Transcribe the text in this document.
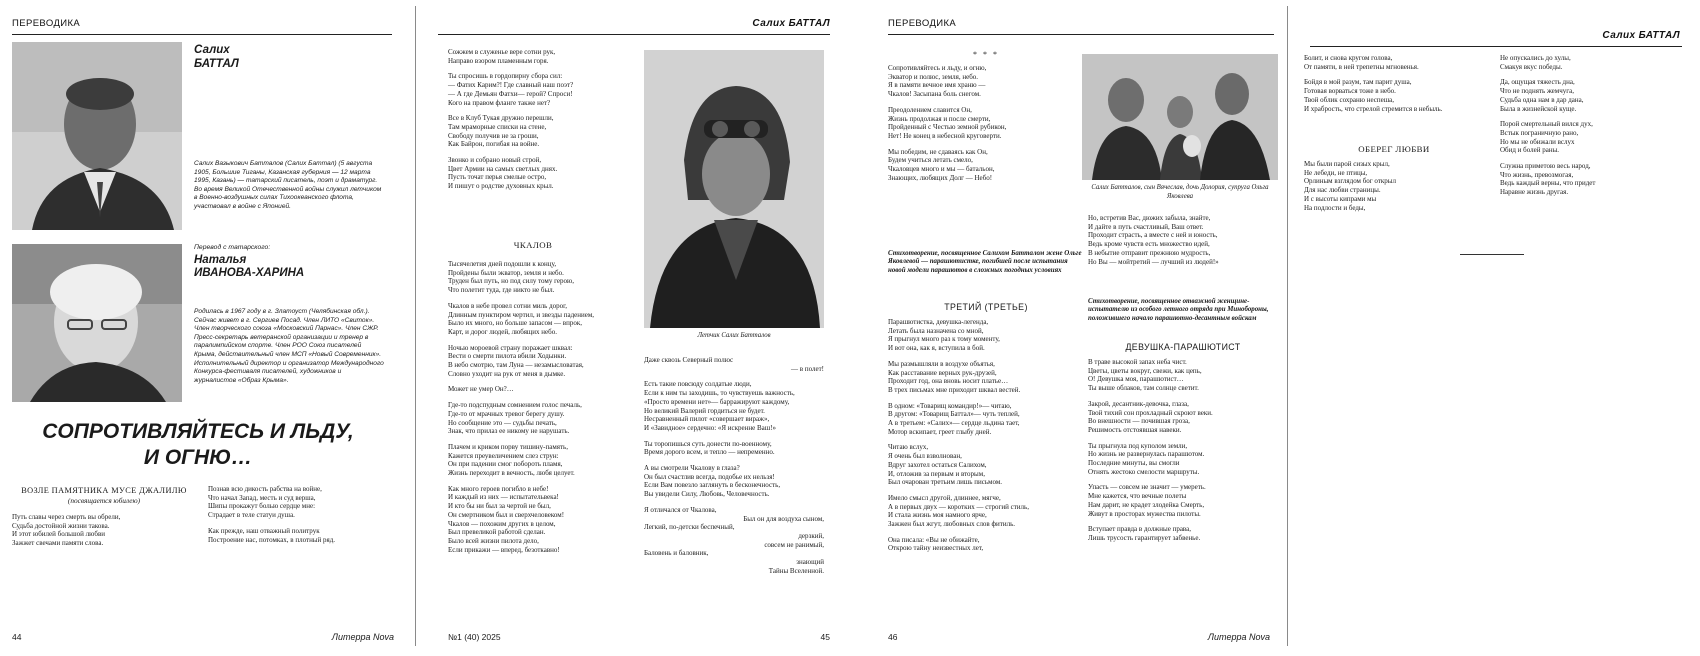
ПЕРЕВОДИКА
Салих
БАТТАЛ
Салих Вазыкович Батталов (Салих Баттал) (5 августа 1905, Большие Тиганы, Казанская губерния — 12 марта 1995, Казань) — татарский писатель, поэт и драматург. Во время Великой Отечественной войны служил летчиком в Военно-воздушных силах Тихоокеанского флота, участвовал в войне с Японией.
Перевод с татарского:
Наталья
ИВАНОВА-ХАРИНА
Родилась в 1967 году в г. Златоуст (Челябинская обл.). Сейчас живет в г. Сергиев Посад. Член ЛИТО «Свиток». Член творческого союза «Московский Парнас». Член СЖР. Пресс-секретарь ветеранской организации и тренер в паралимпийском спорте. Член РОО Союз писателей Крыма, действительный член МСП «Новый Современник». Исполнительный директор и организатор Международного Конкурса-фестиваля писателей, художников и журналистов «Образ Крыма».
СОПРОТИВЛЯЙТЕСЬ И ЛЬДУ,
И ОГНЮ…
ВОЗЛЕ ПАМЯТНИКА МУСЕ ДЖАЛИЛЮ
(посвящается юбилею)
Путь славы через смерть вы обрели,
Судьба достойной жизни такова.
И этот юбилей большой любви
Зажжет свечами памяти слова.
Познав всю дикость рабства на войне,
Что начал Запад, месть и суд верша,
Шипы прокажут болью сердце мне:
Страдает в теле статуи душа.
Как прежде, наш отважный политрук
Построение нас, потомках, в плотный ряд.
44	Литерра Nova
Салих БАТТАЛ
Сожжем в служенье вере сотни рук,
Направо взором пламенным горя.
Ты спросишь в гордопирну сбора сил:
— Фатих Карим?! Где славный наш поэт?
— А где Демьян Фатхи— герой? Спроси!
Кого на правом фланге также нет?
Все в Клуб Тукая дружно перешли,
Там мраморные списки на стене,
Свободу получив не за гроши,
Как Байрон, погибая на войне.
Звонко и собрано новый строй,
Цвет Армии на самых светлых днях.
Пусть точат перья смелые остро,
И пишут о родстве духовных крыл.
ЧКАЛОВ
Тысячелетия дней подошли к концу,
Пройдены были экватор, земля и небо.
Труден был путь, но под силу тому герою,
Что полетит туда, где никто не был.
Чкалов в небе провел сотни миль дорог,
Длинным пунктиром чертил, и звезды падением,
Было их много, но больше запасом — впрок,
Карт, и дорог людей, любящих небо.
Ночью мороевой страну поражает шквал:
Вести о смерти пилота вбили Ходынки.
В небо смотрю, там Луна — незамысловатая,
Словно уходит на рук от меня в дымке.
Может не умер Он?…
Где-то подспудным сомнением голос печаль,
Где-то от мрачных тревог берегу душу.
Но сообщение это — судьбы печать,
Знак, что прилаз ее никому не нарушать.
Плачем и криком порву тишину-память,
Кажется преувеличением слез струн:
Он при падении смог побороть пламя,
Жизнь переходит в вечность, любя целует.
Как много героев погибло в небе!
И каждый из них — испытательвека!
И кто бы ни был за чертой не был,
Он смертником был и сверхчеловеком!
Чкалов — похожим других в целом,
Был превеликой работой сделан.
Было всей жизни пилота дело,
Если прикажи — вперед, безоткавно!
Летчик Салих Батталов
Даже сквозь Северный полюс
— в полет!
Есть такие повсюду солдатые люди,
Если к ним ты заходишь, то чувствуешь важность,
«Просто времени нет»— барражируют каждому,
Но великий Валерий гордиться не будет.
Несравненный пилот «совершает вираж»,
И «Завидное» сердечно: «Я искренне Ваш!»
Ты торопишься суть донести по-военному,
Время дорого всем, и тепло — непременно.
А вы смотрели Чкалову в глаза?
Он был счастлив всегда, подобье их нельзя!
Если Вам повезло заглянуть в бесконечность,
Вы увидели Силу, Любовь, Человечность.
Я отличался от Чкалова,
Был он для воздуха сыном,
Легкий, по-детски беспечный,
дерзкий,
совсем не ранимый,
Баловень и баловник,
знающий
Тайны Вселенной.
№1 (40) 2025	45
ПЕРЕВОДИКА
* * *
Сопротивляйтесь и льду, и огню,
Экватор и полюс, земля, небо.
Я в памяти вечное имя храню —
Чкалов! Засыпана боль снегом.
Преодолением славится Он,
Жизнь продолжая и после смерти,
Пройденный с Честью земной рубикон,
Нет! Не конец в небесной круговерти.
Мы победим, не сдаваясь как Он,
Будем учиться летать смело,
Чкаловцев много и мы — батальон,
Знающих, любящих Долг — Небо!
Стихотворение, посвященное Салихом Батталом жене Ольге Яковлевой — парашютистке, погибшей после испытания новой модели парашютов в сложных погодных условиях
ТРЕТИЙ (ТРЕТЬЕ)
Парашютистка, девушка-легенда,
Летать была назначена со мной,
Я прыгнул много раз к тому моменту,
И вот она, как я, вступила в бой.
Мы размышляли в воздухе объятья,
Как расставание верных рук-друзей,
Проходит год, она вновь носит платье…
В трех письмах мне приходит шквал вестей.
В одном: «Товарищ командир!»— читаю,
В другом: «Товарищ Баттал»— чуть теплей,
А в третьем: «Салих»— сердце льдина тает,
Мотор вскипает, греет глыбу дней.
Читаю вслух,
Я очень был взволнован,
Вдруг захотел остаться Салихом,
И, отложив за первым и вторым,
Был очарован третьим лишь письмом.
Имело смысл другой, длиннее, мягче,
А в первых двух — коротких — строгий стиль,
И стала жизнь моя намного ярче,
Зажжен был жгут, любовных слов фитиль.
Она писала: «Вы не обижайте,
Открою тайну неизвестных лет,
Салих Батталов, сын Вячеслав, дочь Долория, супруга Ольга Яковлева
Но, встретив Вас, дюжих забыла, знайте,
И дайте в путь счастливый, Ваш ответ.
Проходит страсть, а вместе с ней и юность,
Ведь кроме чувств есть множество идей,
В небытие отправит прежнюю мудрость,
Но Вы — мойтретий — лучший из людей!»
Стихотворение, посвященное отважной женщине-испытателю из особого летного отряда при Минобороны, положившего начало парашютно-десантным войскам
ДЕВУШКА-ПАРАШЮТИСТ
В траве высокой запах неба чист.
Цветы, цветы вокруг, свежи, как цепь,
О! Девушка моя, парашютист…
Ты выше облаков, там солнце светит.
Закрой, десантник-девочка, глаза,
Твой тихий сон прохладный скроют веки.
Во внешности — почившая гроза,
Решимость отстоявшая навеки.
Ты прыгнула под куполом земли,
Но жизнь не развернулась парашютом.
Последние минуты, вы смогли
Отнять жестоко смелости маршруты.
Упасть — совсем не значит — умереть.
Мне кажется, что вечные полеты
Нам дарит, не крадет злодейка Смерть,
Живут в просторах мужества пилоты.
Вступает правда в должные права,
Лишь трусость гарантирует забвенье.
46	Литерра Nova
Салих БАТТАЛ
Болит, и снова кругом голова,
От памяти, в ней трепетны мгновенья.
Бойдя в мой разум, там парит душа,
Готовая ворваться тоже в небо.
Твой облик сохраню неспеша,
И храбрость, что стрелой стремится в небыль.
ОБЕРЕГ ЛЮБВИ
Мы были парой сизых крыл,
Не лебеди, не птицы,
Орлиным взглядом бог открыл
Для нас любви страницы.
И с высоты кипрами мы
На подлости и беды,
Не опускались до хулы,
Смакуя вкус победы.
Да, ощущая тяжесть дна,
Что не поднять жемчуга,
Судьба одна нам в дар дана,
Была в жизнейской куще.
Порой смертельный вился дух,
Встык пограничную рано,
Но мы не обижали вслух
Обид и болей раны.
Служна приметою весь народ,
Что жизнь, превозмогая,
Ведь каждый верны, что придет
Наравне жизнь другая.
